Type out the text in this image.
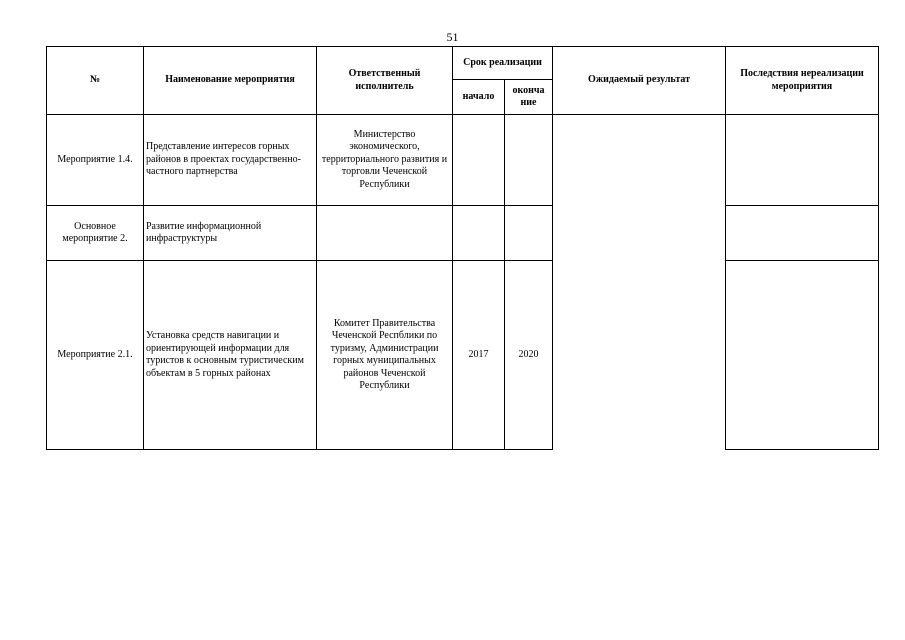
51
№	Наименование мероприятия	Ответственный исполнитель	Срок реализации		Ожидаемый результат	Последствия нереализации мероприятия
			начало	оконча ние		
Мероприятие 1.4.	Представление интересов горных районов в проектах государственно-частного партнерства	Министерство экономического, территориального развития и торговли Чеченской Республики				
Основное мероприятие 2.	Развитие информационной инфраструктуры					
Мероприятие 2.1.	Установка средств навигации и ориентирующей информации для туристов к основным туристическим объектам в 5 горных районах	Комитет Правительства Чеченской Респблики по туризму, Администрации горных муниципальных районов Чеченской Республики	2017	2020		
